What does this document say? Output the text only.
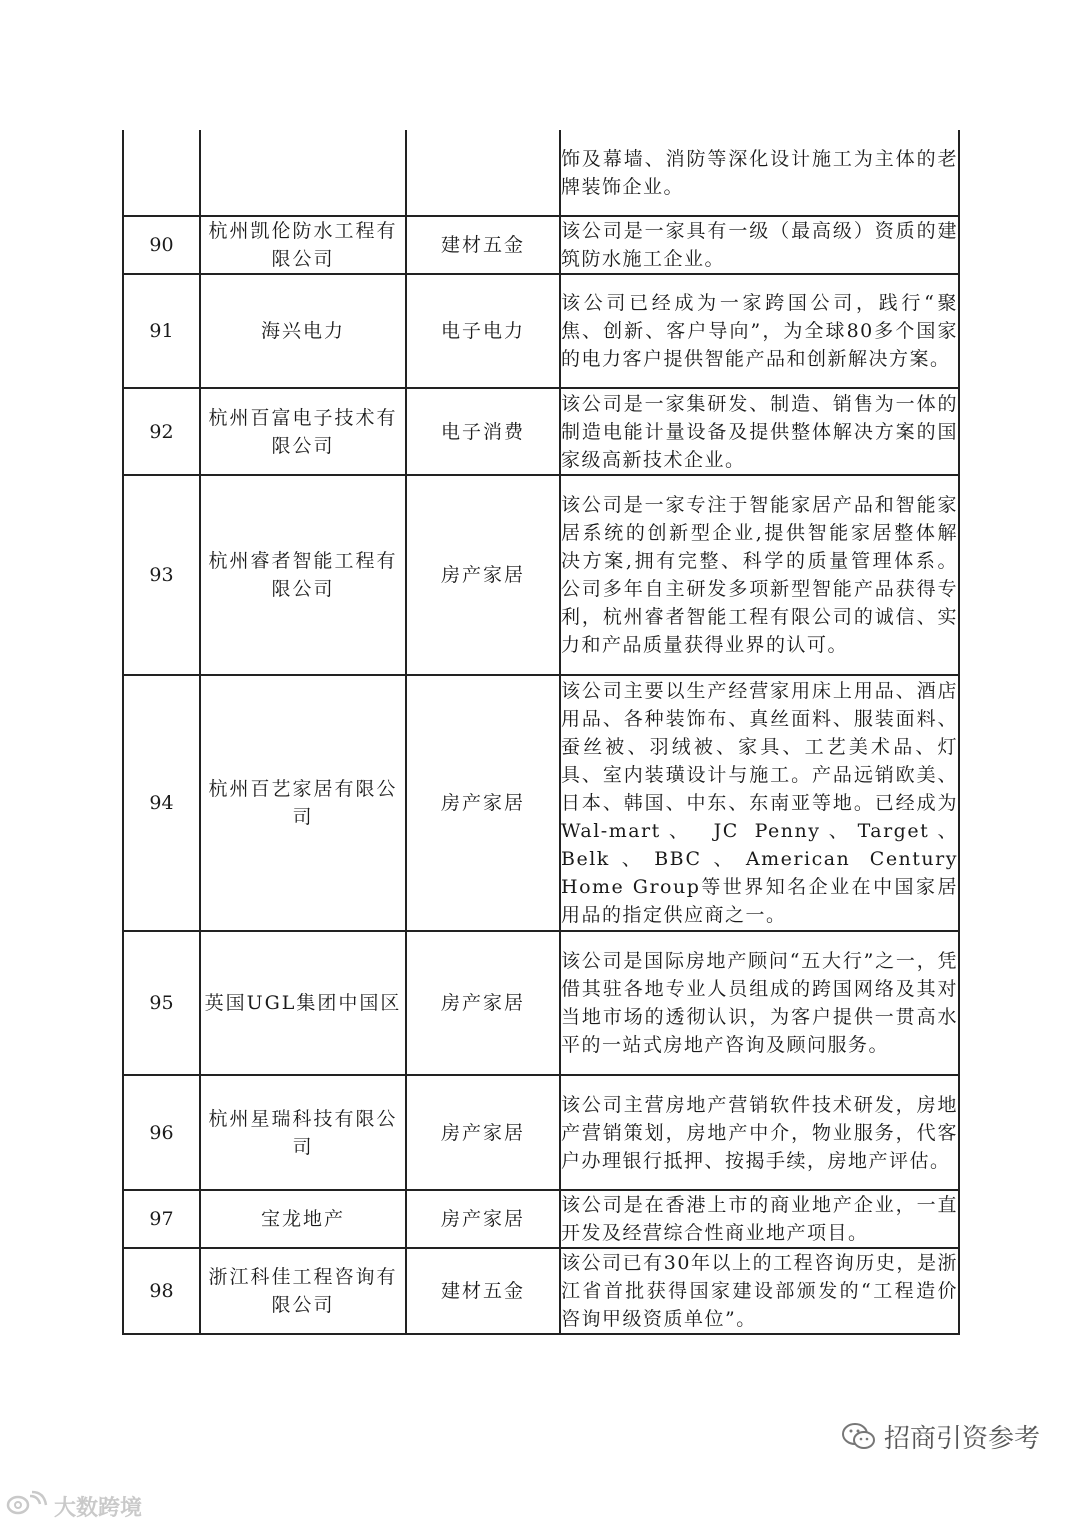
			饰及幕墙、消防等深化设计施工为主体的老牌装饰企业。
90	杭州凯伦防水工程有限公司	建材五金	该公司是一家具有一级（最高级）资质的建筑防水施工企业。
91	海兴电力	电子电力	该公司已经成为一家跨国公司，践行“聚焦、创新、客户导向”，为全球80多个国家的电力客户提供智能产品和创新解决方案。
92	杭州百富电子技术有限公司	电子消费	该公司是一家集研发、制造、销售为一体的制造电能计量设备及提供整体解决方案的国家级高新技术企业。
93	杭州睿者智能工程有限公司	房产家居	该公司是一家专注于智能家居产品和智能家居系统的创新型企业,提供智能家居整体解决方案,拥有完整、科学的质量管理体系。公司多年自主研发多项新型智能产品获得专利，杭州睿者智能工程有限公司的诚信、实力和产品质量获得业界的认可。
94	杭州百艺家居有限公司	房产家居	该公司主要以生产经营家用床上用品、酒店用品、各种装饰布、真丝面料、服装面料、蚕丝被、羽绒被、家具、工艺美术品、灯具、室内装璜设计与施工。产品远销欧美、日本、韩国、中东、东南亚等地。已经成为Wal-mart、 JC Penny、Target、Belk、BBC、American Century Home Group等世界知名企业在中国家居用品的指定供应商之一。
95	英国UGL集团中国区	房产家居	该公司是国际房地产顾问“五大行”之一，凭借其驻各地专业人员组成的跨国网络及其对当地市场的透彻认识，为客户提供一贯高水平的一站式房地产咨询及顾问服务。
96	杭州星瑞科技有限公司	房产家居	该公司主营房地产营销软件技术研发，房地产营销策划，房地产中介，物业服务，代客户办理银行抵押、按揭手续，房地产评估。
97	宝龙地产	房产家居	该公司是在香港上市的商业地产企业，一直开发及经营综合性商业地产项目。
98	浙江科佳工程咨询有限公司	建材五金	该公司已有30年以上的工程咨询历史，是浙江省首批获得国家建设部颁发的“工程造价咨询甲级资质单位”。
招商引资参考
大数跨境
